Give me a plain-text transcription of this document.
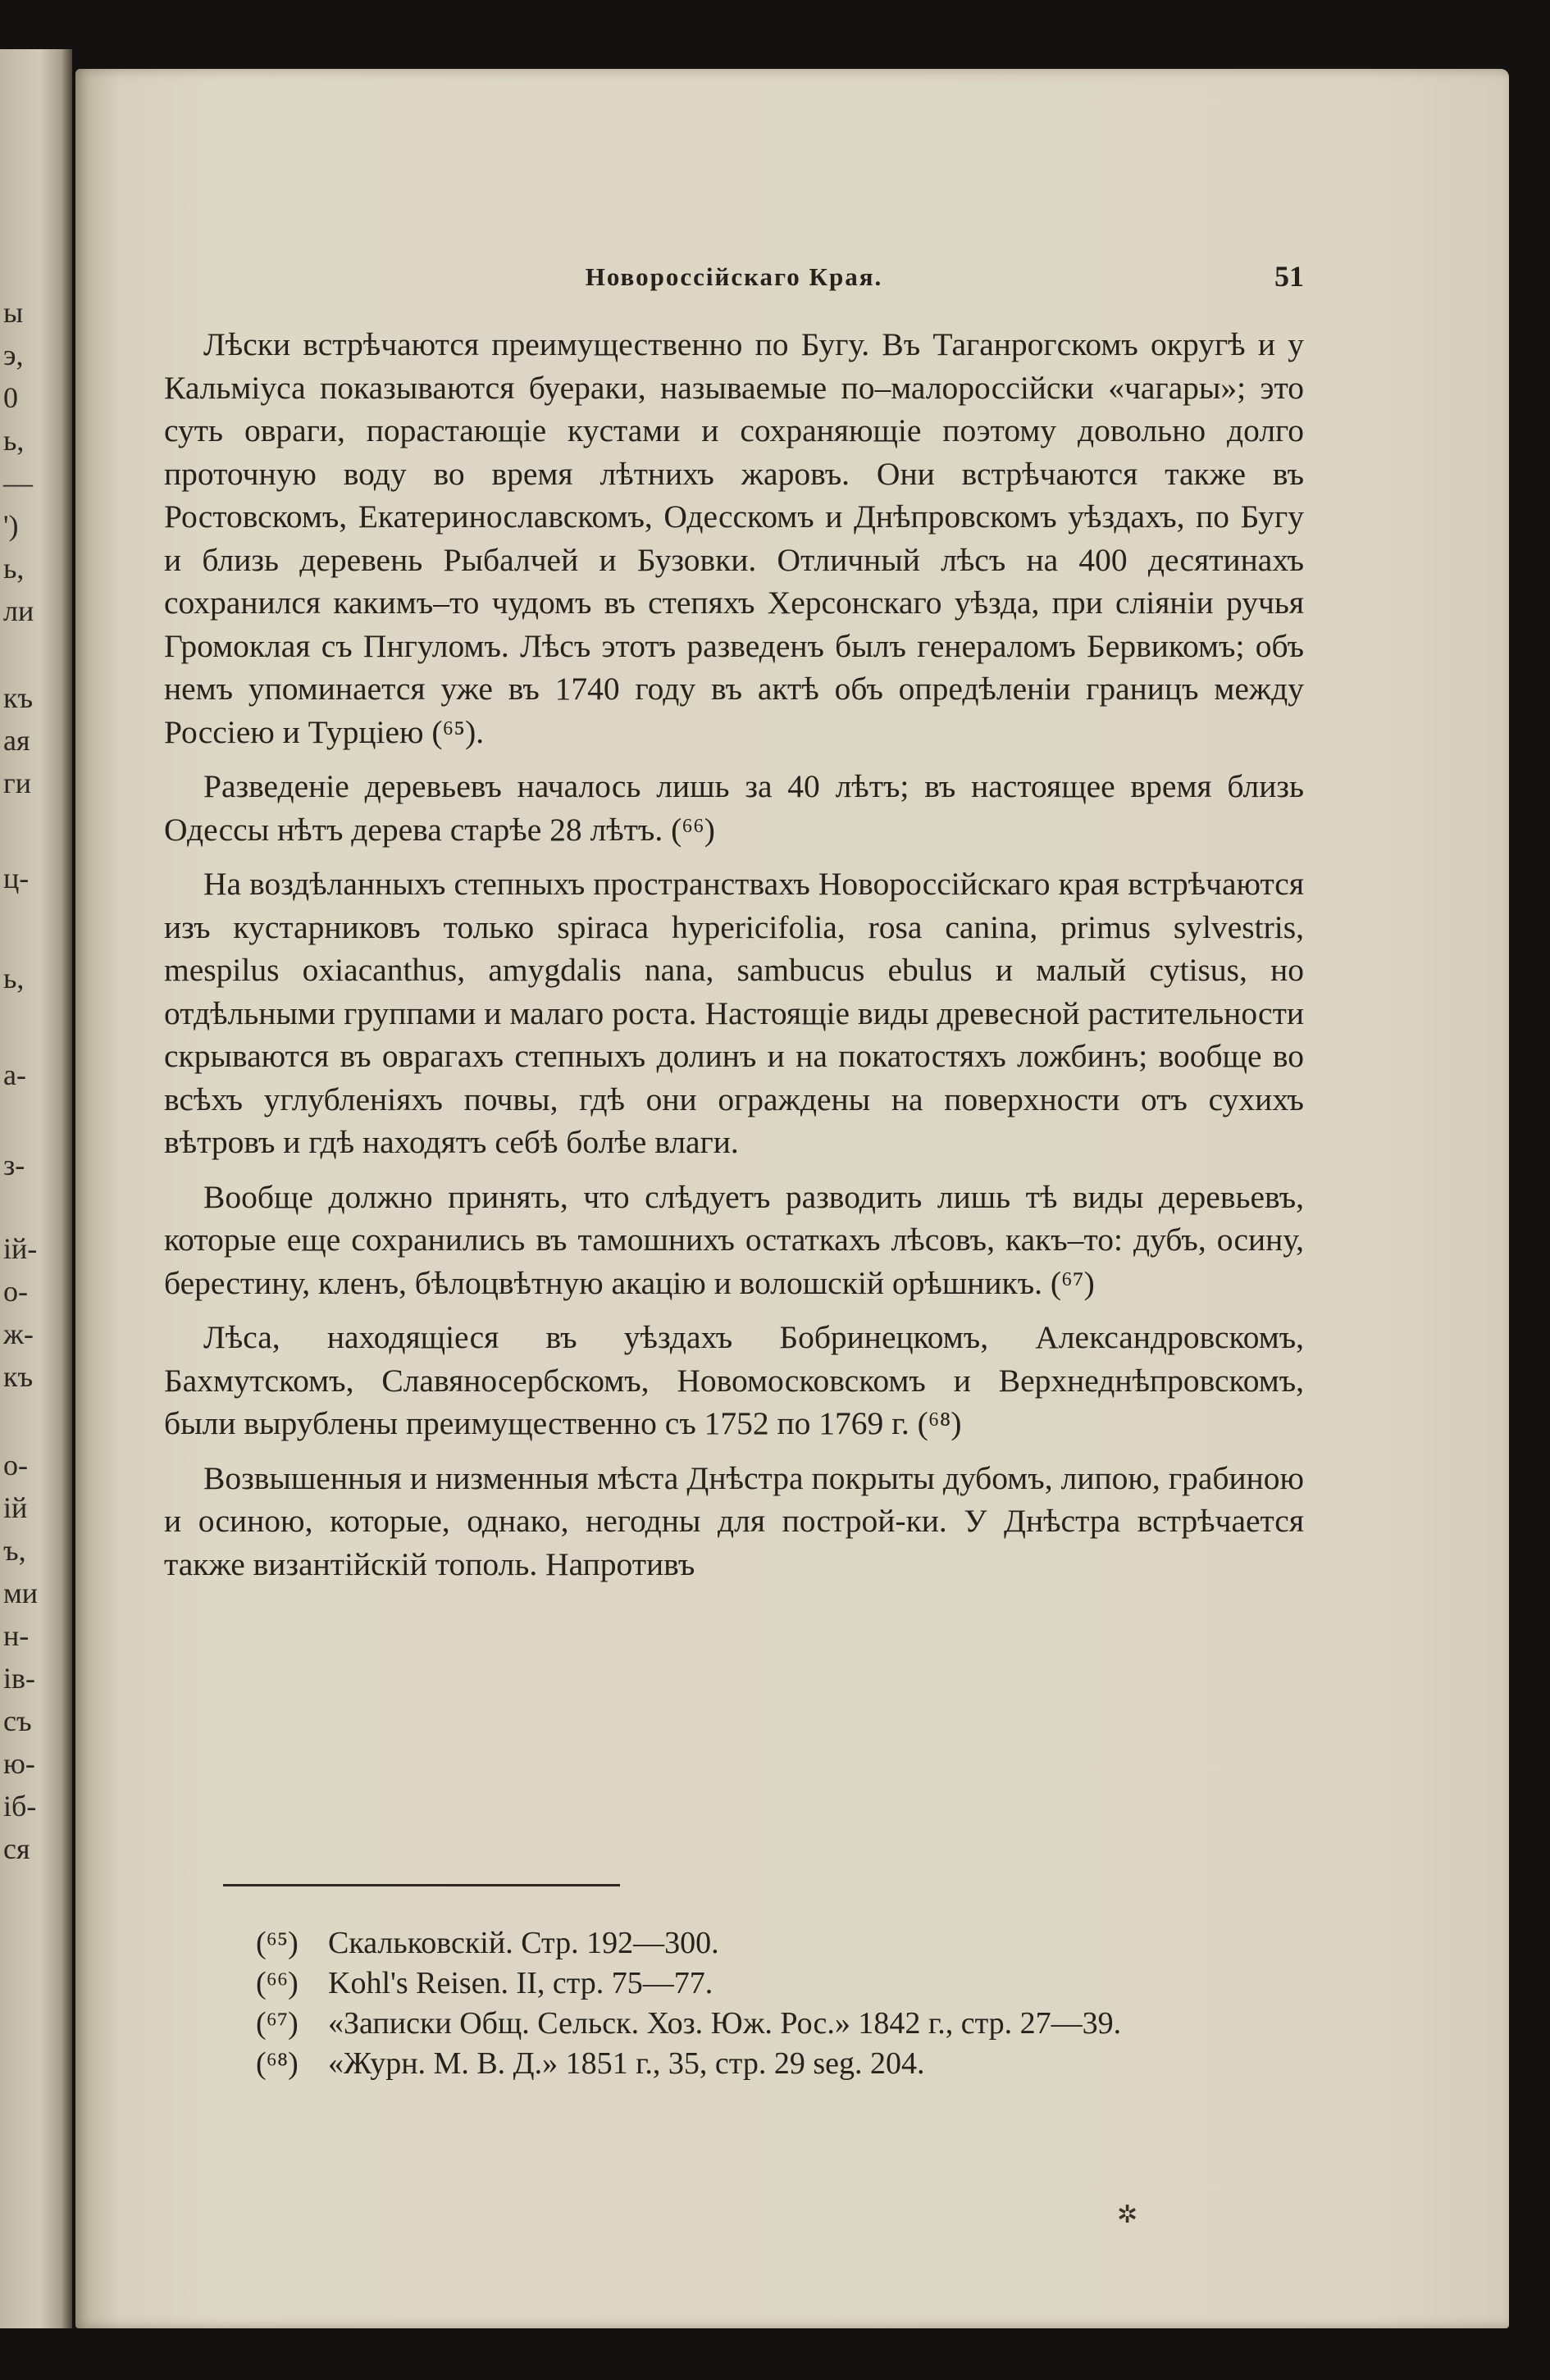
ы
э,
0
ь,
—
')
ь,
ли
къ
ая
ги
ц-
ь,
а-
з-
ій-
о-
ж-
къ
о-
ій
ъ,
ми
н-
ів-
съ
ю-
іб-
ся
Новороссійскаго Края.	51

Лѣски встрѣчаются преимущественно по Бугу. Въ Таганрогскомъ округѣ и у Кальміуса показываются буераки, называемые по–малороссійски «чагары»; это суть овраги, порастающіе кустами и сохраняющіе поэтому довольно долго проточную воду во время лѣтнихъ жаровъ. Они встрѣчаются также въ Ростовскомъ, Екатеринославскомъ, Одесскомъ и Днѣпровскомъ уѣздахъ, по Бугу и близь деревень Рыбалчей и Бузовки. Отличный лѣсъ на 400 десятинахъ сохранился какимъ–то чудомъ въ степяхъ Херсонскаго уѣзда, при сліяніи ручья Громоклая съ Пнгуломъ. Лѣсъ этотъ разведенъ былъ генераломъ Бервикомъ; объ немъ упоминается уже въ 1740 году въ актѣ объ опредѣленіи границъ между Россіею и Турціею (⁶⁵).

Разведеніе деревьевъ началось лишь за 40 лѣтъ; въ настоящее время близь Одессы нѣтъ дерева старѣе 28 лѣтъ. (⁶⁶)

На воздѣланныхъ степныхъ пространствахъ Новороссійскаго края встрѣчаются изъ кустарниковъ только spiraca hypericifolia, rosa canina, primus sylvestris, mespilus oxiacanthus, amygdalis nana, sambucus ebulus и малый cytisus, но отдѣльными группами и малаго роста. Настоящіе виды древесной растительности скрываются въ оврагахъ степныхъ долинъ и на покатостяхъ ложбинъ; вообще во всѣхъ углубленіяхъ почвы, гдѣ они ограждены на поверхности отъ сухихъ вѣтровъ и гдѣ находятъ себѣ болѣе влаги.

Вообще должно принять, что слѣдуетъ разводить лишь тѣ виды деревьевъ, которые еще сохранились въ тамошнихъ остаткахъ лѣсовъ, какъ–то: дубъ, осину, берестину, кленъ, бѣлоцвѣтную акацію и волошскій орѣшникъ. (⁶⁷)

Лѣса, находящіеся въ уѣздахъ Бобринецкомъ, Александровскомъ, Бахмутскомъ, Славяносербскомъ, Новомосковскомъ и Верхнеднѣпровскомъ, были вырублены преимущественно съ 1752 по 1769 г. (⁶⁸)

Возвышенныя и низменныя мѣста Днѣстра покрыты дубомъ, липою, грабиною и осиною, которые, однако, негодны для построй-ки. У Днѣстра встрѣчается также византійскій тополь. Напротивъ

(⁶⁵) Скальковскій. Стр. 192—300.
(⁶⁶) Kohl's Reisen. II, стр. 75—77.
(⁶⁷) «Записки Общ. Сельск. Хоз. Юж. Рос.» 1842 г., стр. 27—39.
(⁶⁸) «Журн. М. В. Д.» 1851 г., 35, стр. 29 seg. 204.
✲
